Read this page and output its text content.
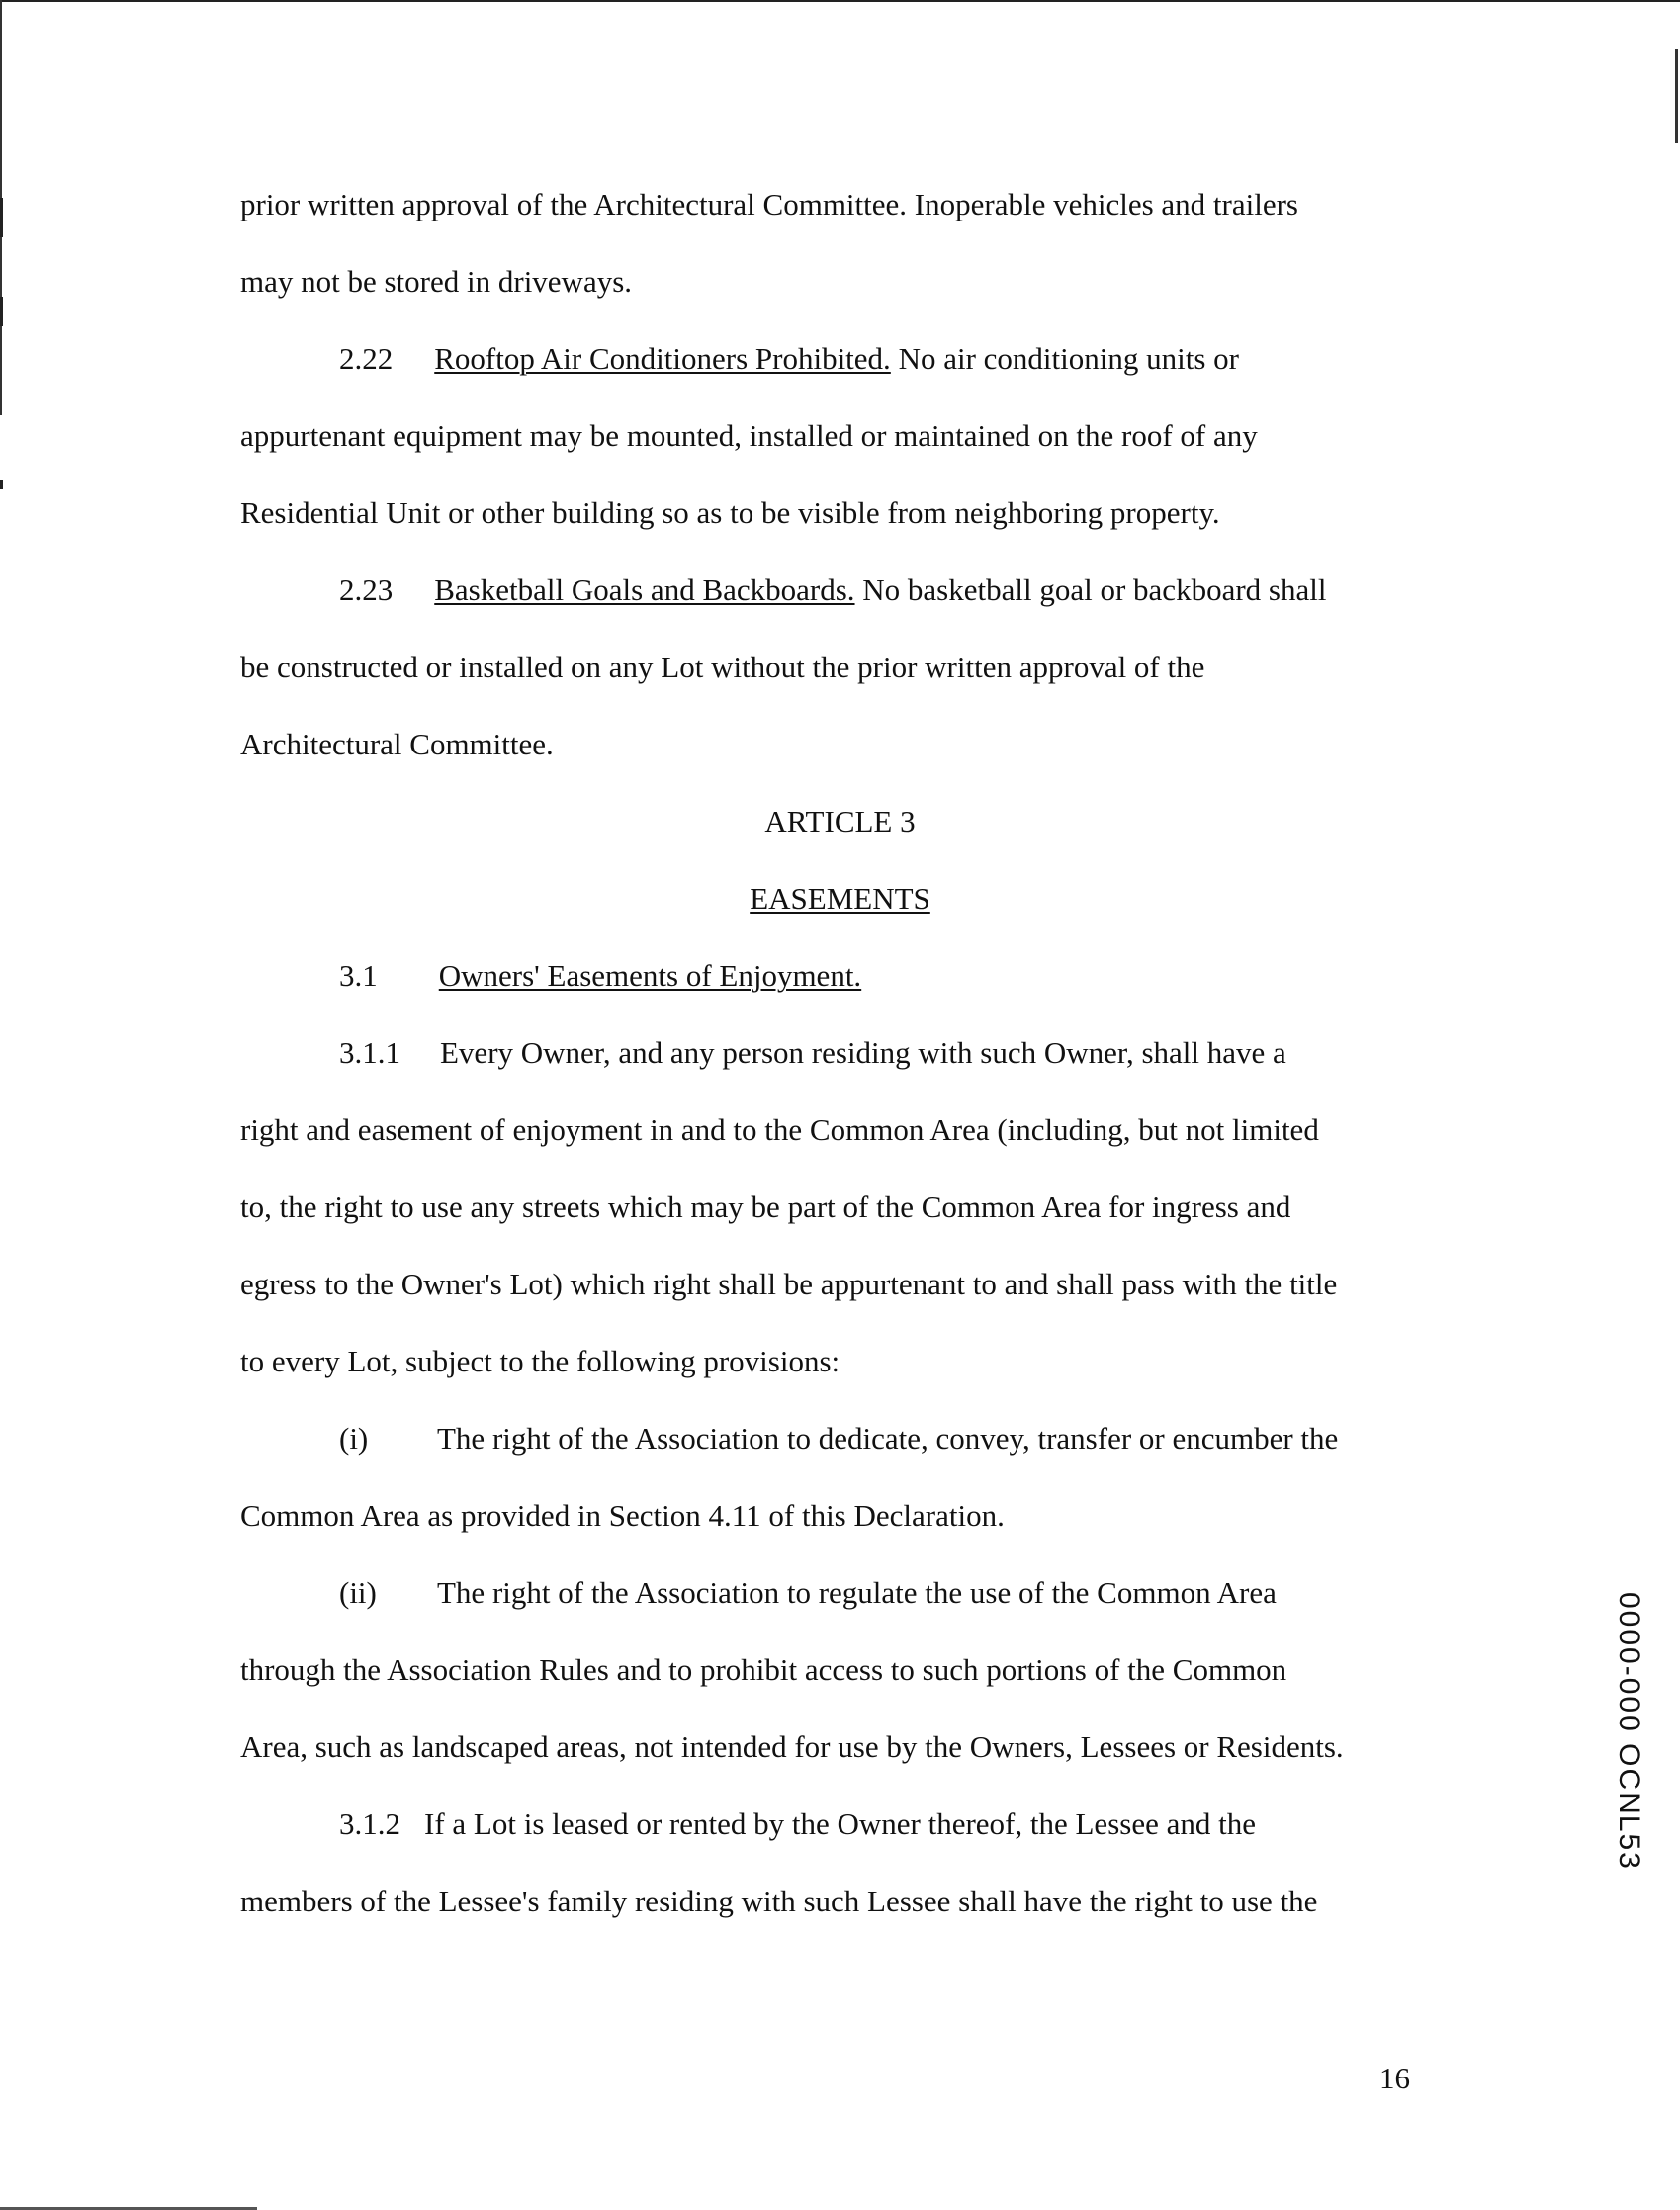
prior written approval of the Architectural Committee. Inoperable vehicles and trailers
may not be stored in driveways.
2.22 Rooftop Air Conditioners Prohibited. No air conditioning units or
appurtenant equipment may be mounted, installed or maintained on the roof of any
Residential Unit or other building so as to be visible from neighboring property.
2.23 Basketball Goals and Backboards. No basketball goal or backboard shall
be constructed or installed on any Lot without the prior written approval of the
Architectural Committee.
ARTICLE 3
EASEMENTS
3.1 Owners' Easements of Enjoyment.
3.1.1 Every Owner, and any person residing with such Owner, shall have a
right and easement of enjoyment in and to the Common Area (including, but not limited
to, the right to use any streets which may be part of the Common Area for ingress and
egress to the Owner's Lot) which right shall be appurtenant to and shall pass with the title
to every Lot, subject to the following provisions:
(i) The right of the Association to dedicate, convey, transfer or encumber the
Common Area as provided in Section 4.11 of this Declaration.
(ii) The right of the Association to regulate the use of the Common Area
through the Association Rules and to prohibit access to such portions of the Common
Area, such as landscaped areas, not intended for use by the Owners, Lessees or Residents.
3.1.2 If a Lot is leased or rented by the Owner thereof, the Lessee and the
members of the Lessee's family residing with such Lessee shall have the right to use the
16
0000-000 OCNL53
